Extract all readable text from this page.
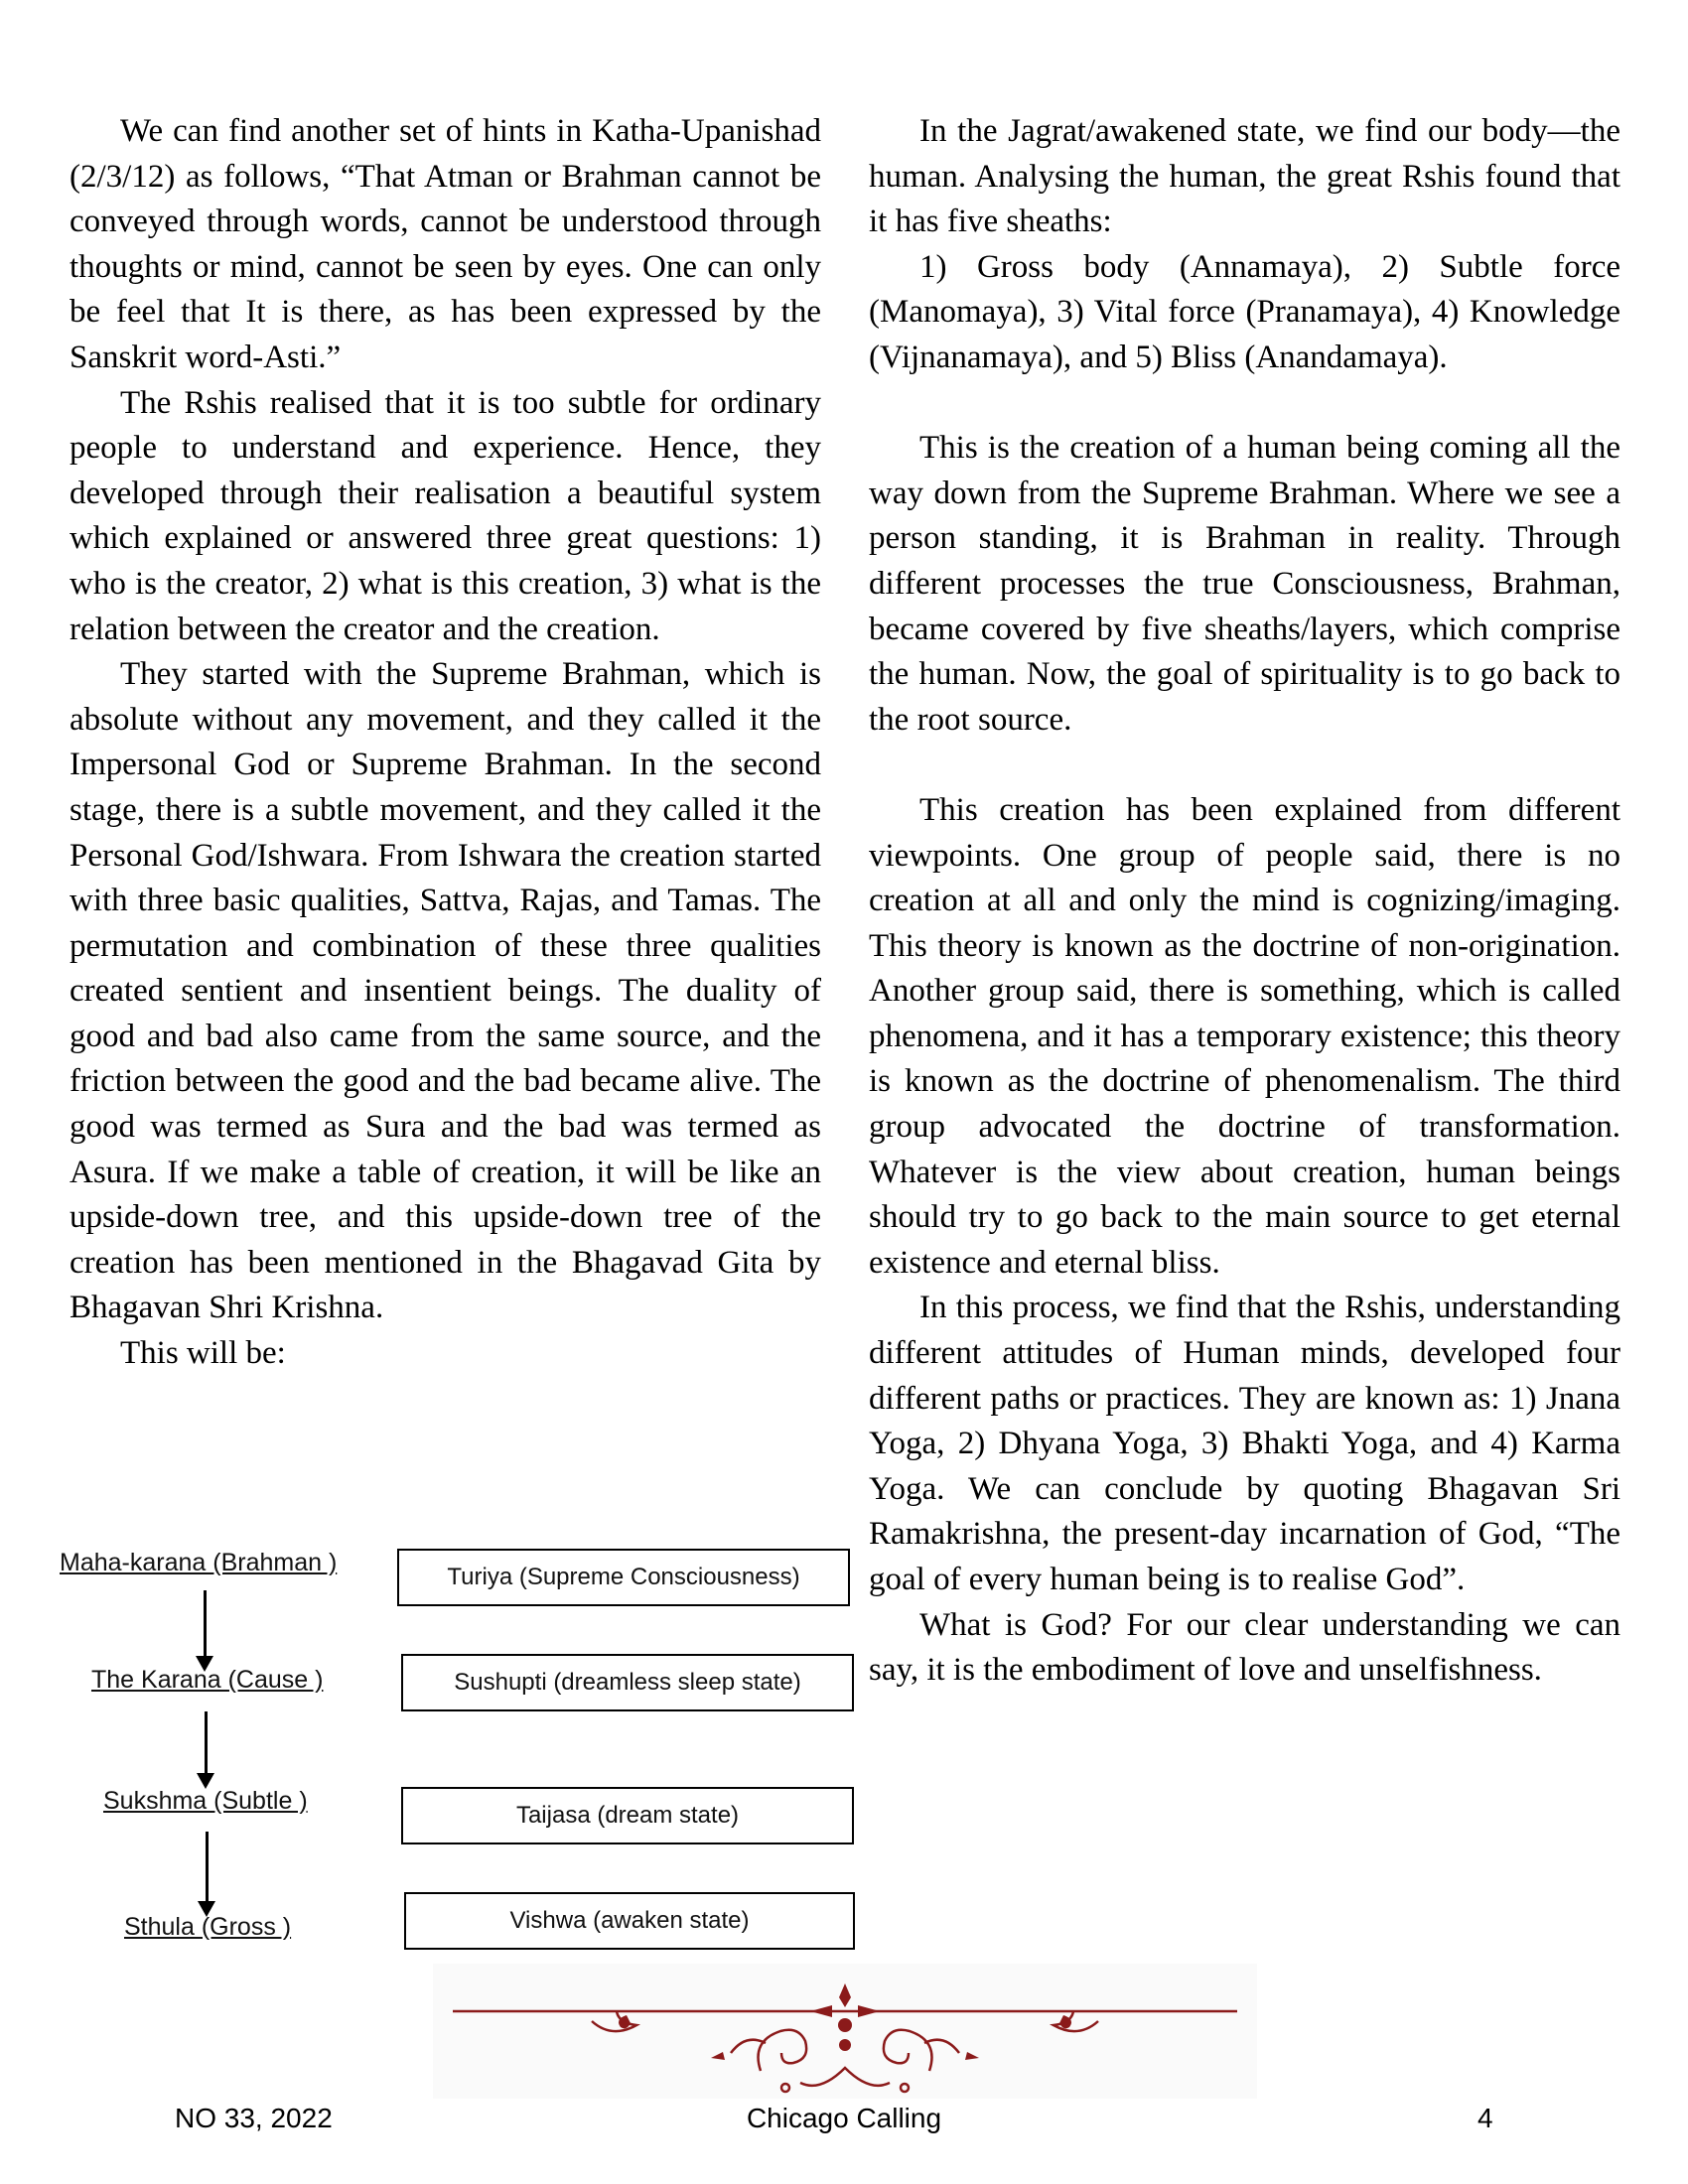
We can find another set of hints in Katha-Upanishad (2/3/12) as follows, “That Atman or Brahman cannot be conveyed through words, cannot be understood through thoughts or mind, cannot be seen by eyes. One can only be feel that It is there, as has been expressed by the Sanskrit word-Asti.”

The Rshis realised that it is too subtle for ordinary people to understand and experience. Hence, they developed through their realisation a beautiful system which explained or answered three great questions: 1) who is the creator, 2) what is this creation, 3) what is the relation between the creator and the creation.

They started with the Supreme Brahman, which is absolute without any movement, and they called it the Impersonal God or Supreme Brahman. In the second stage, there is a subtle movement, and they called it the Personal God/Ishwara. From Ishwara the creation started with three basic qualities, Sattva, Rajas, and Tamas. The permutation and combination of these three qualities created sentient and insentient beings. The duality of good and bad also came from the same source, and the friction between the good and the bad became alive. The good was termed as Sura and the bad was termed as Asura. If we make a table of creation, it will be like an upside-down tree, and this upside-down tree of the creation has been mentioned in the Bhagavad Gita by Bhagavan Shri Krishna.

This will be:

Maha-karana (Brahman )
The Karana (Cause )
Sukshma (Subtle )
Sthula (Gross )
Turiya (Supreme Consciousness)
Sushupti (dreamless sleep state)
Taijasa (dream state)
Vishwa (awaken state)

In the Jagrat/awakened state, we find our body—the human. Analysing the human, the great Rshis found that it has five sheaths:

1) Gross body (Annamaya), 2) Subtle force (Manomaya), 3) Vital force (Pranamaya), 4) Knowledge (Vijnanamaya), and 5) Bliss (Anandamaya).

This is the creation of a human being coming all the way down from the Supreme Brahman. Where we see a person standing, it is Brahman in reality. Through different processes the true Consciousness, Brahman, became covered by five sheaths/layers, which comprise the human. Now, the goal of spirituality is to go back to the root source.

This creation has been explained from different viewpoints. One group of people said, there is no creation at all and only the mind is cognizing/imaging. This theory is known as the doctrine of non-origination. Another group said, there is something, which is called phenomena, and it has a temporary existence; this theory is known as the doctrine of phenomenalism. The third group advocated the doctrine of transformation. Whatever is the view about creation, human beings should try to go back to the main source to get eternal existence and eternal bliss.

In this process, we find that the Rshis, understanding different attitudes of Human minds, developed four different paths or practices. They are known as: 1) Jnana Yoga, 2) Dhyana Yoga, 3) Bhakti Yoga, and 4) Karma Yoga. We can conclude by quoting Bhagavan Sri Ramakrishna, the present-day incarnation of God, “The goal of every human being is to realise God”.

What is God? For our clear understanding we can say, it is the embodiment of love and unselfishness.

NO 33, 2022	Chicago Calling	4
